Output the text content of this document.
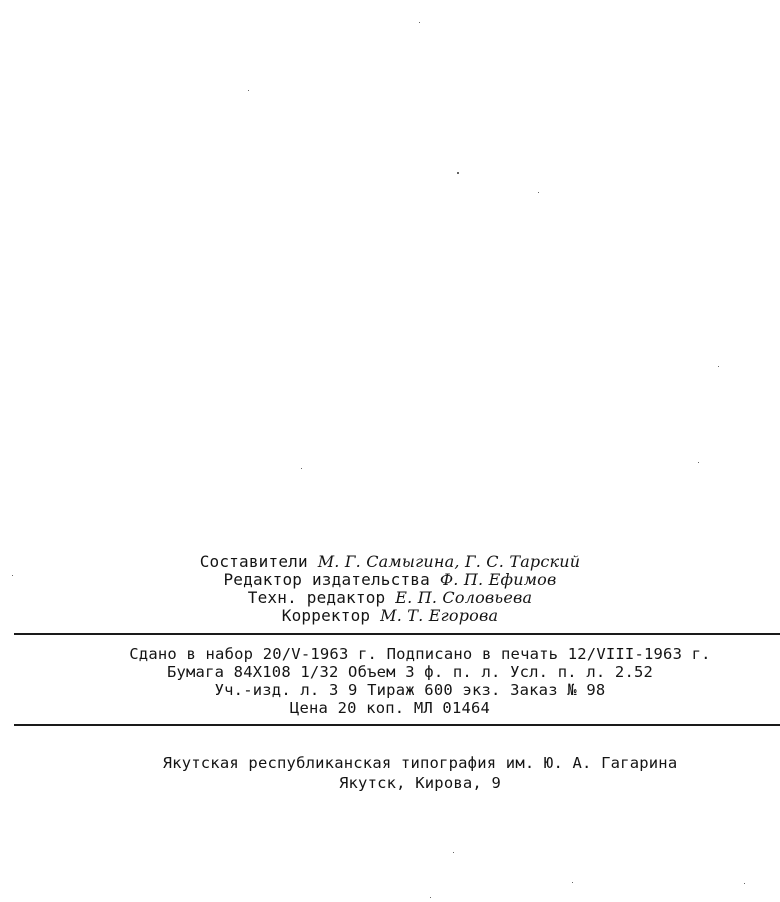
Составители М. Г. Самыгина, Г. С. Тарский
Редактор издательства Ф. П. Ефимов
Техн. редактор Е. П. Соловьева
Корректор М. Т. Егорова
Сдано в набор 20/V-1963 г. Подписано в печать 12/VIII-1963 г.
Бумага 84Х108 1/32 Объем 3 ф. п. л. Усл. п. л. 2.52
Уч.-изд. л. 3 9 Тираж 600 экз. Заказ № 98
Цена 20 коп. МЛ 01464
Якутская республиканская типография им. Ю. А. Гагарина
Якутск, Кирова, 9
